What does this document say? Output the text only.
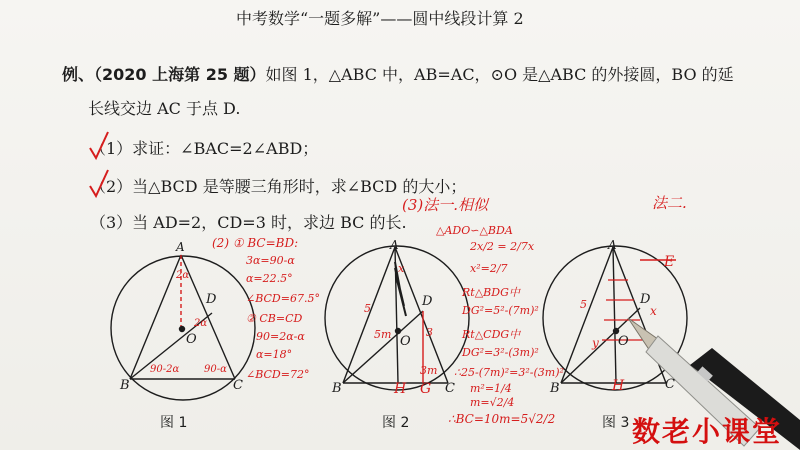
中考数学“一题多解”——圆中线段计算 2
例、（2020 上海第 25 题）如图 1，△ABC 中，AB=AC，⊙O 是△ABC 的外接圆，BO 的延
长线交边 AC 于点 D.
（1）求证：∠BAC=2∠ABD；
（2）当△BCD 是等腰三角形时，求∠BCD 的大小；
（3）当 AD=2，CD=3 时，求边 BC 的长.
A
B	C
D
O
A
B	C
D
O
H G
A
B	C
D
O
H
E
图 1	图 2	图 3
(3)法一.相似	法二.
△ADO∽△BDA
2x/2 = 2/7x
x²=2/7
Rt△BDG中
DG²=5²-(7m)²
Rt△CDG中
DG²=3²-(3m)²
∴25-(7m)²=3²-(3m)²
m²=1/4
m=√2/4
∴BC=10m=5√2/2
(2) ① BC=BD:
3α=90-α
α=22.5°
∠BCD=67.5°
② CB=CD
90=2α-α
α=18°
∠BCD=72°
2α
90-2α 90-α
2α
5
5m	3
3m
x
5
y
x
数老小课堂
